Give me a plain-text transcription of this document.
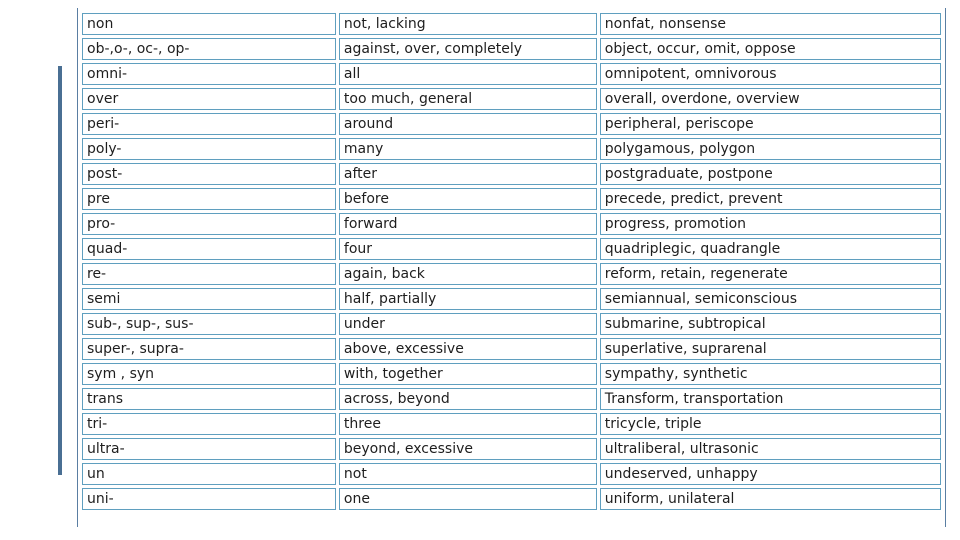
non	not, lacking	nonfat, nonsense
ob-,o-, oc-, op-	against, over, completely	object, occur, omit, oppose
omni-	all	omnipotent, omnivorous
over	too much, general	overall, overdone, overview
peri-	around	peripheral, periscope
poly-	many	polygamous, polygon
post-	after	postgraduate, postpone
pre	before	precede, predict, prevent
pro-	forward	progress, promotion
quad-	four	quadriplegic, quadrangle
re-	again, back	reform, retain, regenerate
semi	half, partially	semiannual, semiconscious
sub-, sup-, sus-	under	submarine, subtropical
super-, supra-	above, excessive	superlative, suprarenal
sym , syn	with, together	sympathy, synthetic
trans	across, beyond	Transform, transportation
tri-	three	tricycle, triple
ultra-	beyond, excessive	ultraliberal, ultrasonic
un	not	undeserved, unhappy
uni-	one	uniform, unilateral
